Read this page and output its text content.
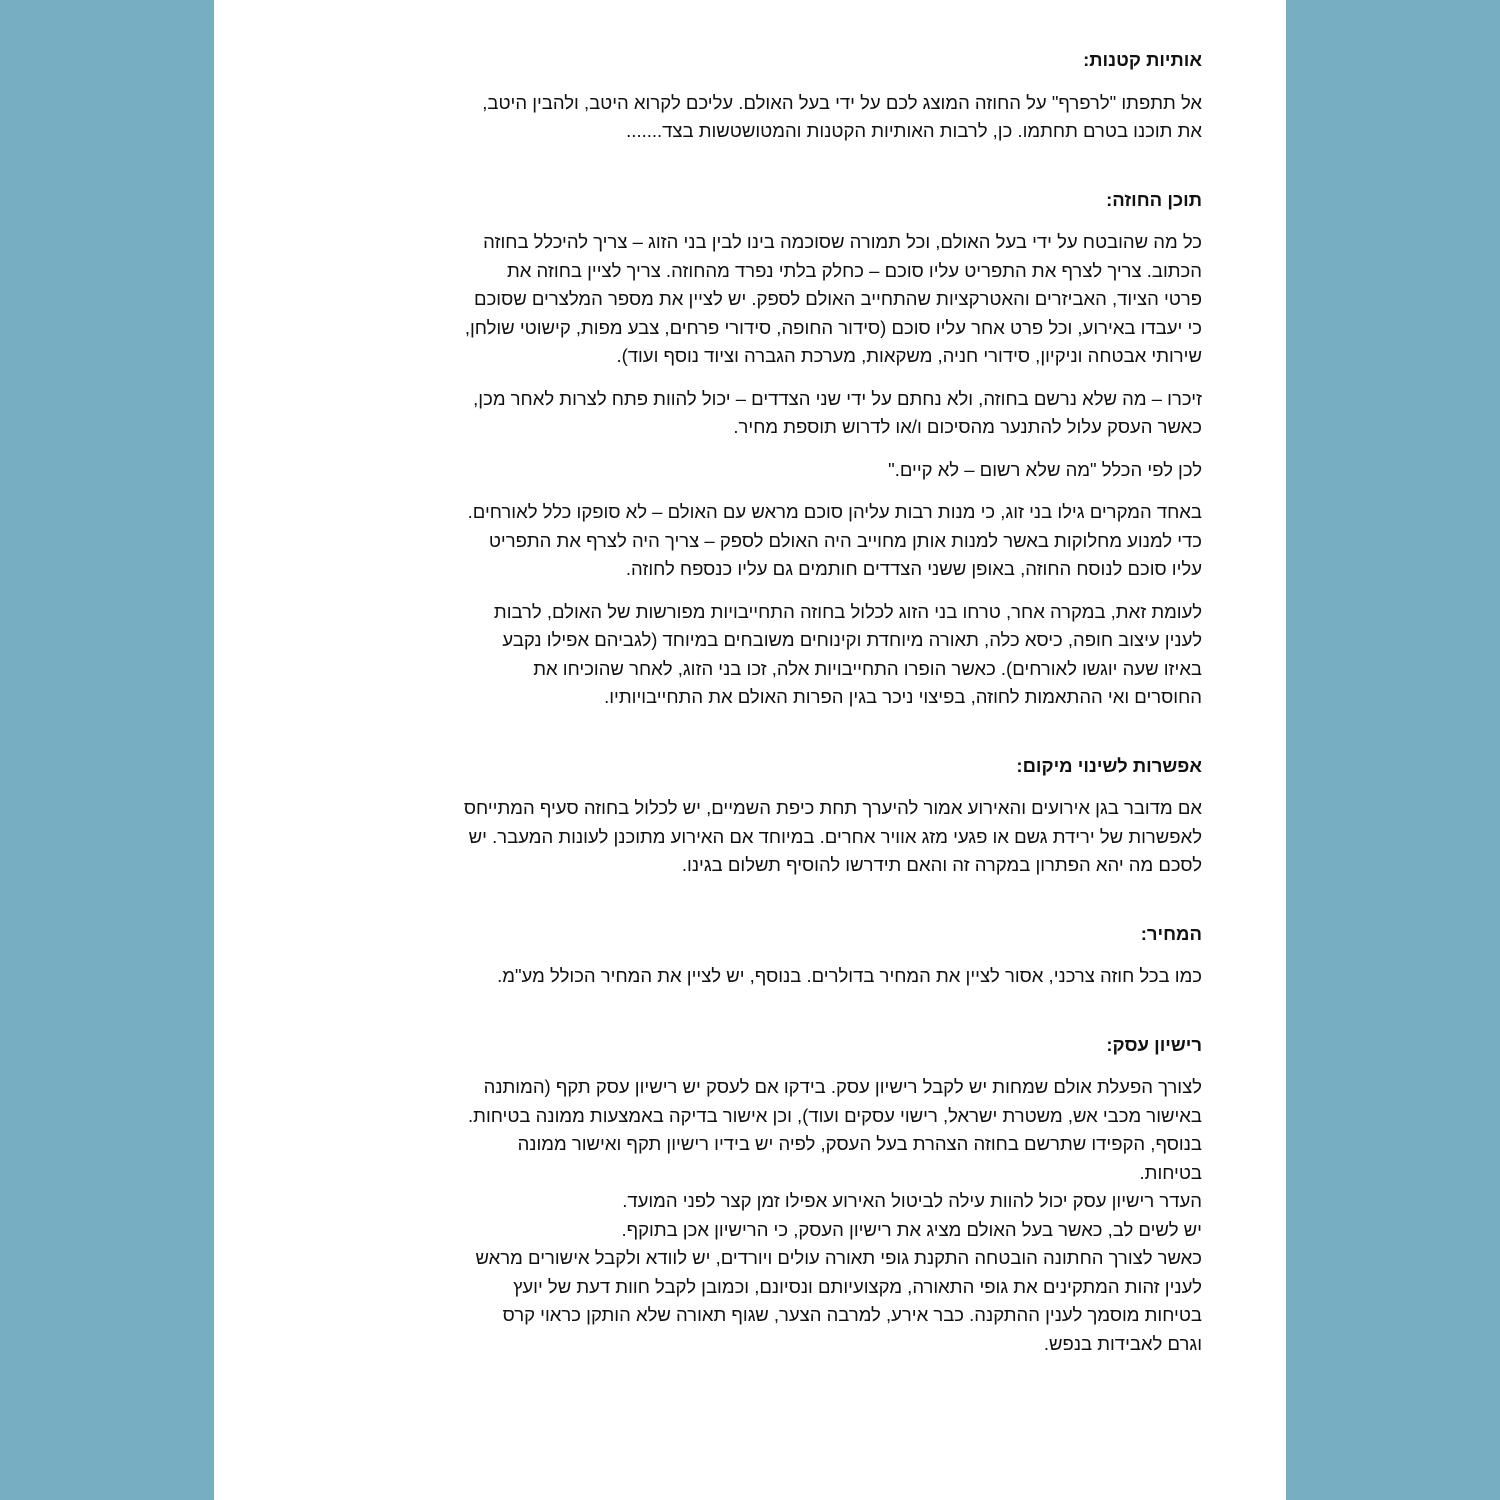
אותיות קטנות:
אל תתפתו "לרפרף" על החוזה המוצג לכם על ידי בעל האולם. עליכם לקרוא היטב, ולהבין היטב,
את תוכנו בטרם תחתמו. כן, לרבות האותיות הקטנות והמטושטשות בצד.......
תוכן החוזה:
כל מה שהובטח על ידי בעל האולם, וכל תמורה שסוכמה בינו לבין בני הזוג – צריך להיכלל בחוזה
הכתוב. צריך לצרף את התפריט עליו סוכם – כחלק בלתי נפרד מהחוזה. צריך לציין בחוזה את
פרטי הציוד, האביזרים והאטרקציות שהתחייב האולם לספק. יש לציין את מספר המלצרים שסוכם
כי יעבדו באירוע, וכל פרט אחר עליו סוכם (סידור החופה, סידורי פרחים, צבע מפות, קישוטי שולחן,
שירותי אבטחה וניקיון, סידורי חניה, משקאות, מערכת הגברה וציוד נוסף ועוד).
זיכרו – מה שלא נרשם בחוזה, ולא נחתם על ידי שני הצדדים – יכול להוות פתח לצרות לאחר מכן,
כאשר העסק עלול להתנער מהסיכום ו/או לדרוש תוספת מחיר.
לכן לפי הכלל "מה שלא רשום – לא קיים."
באחד המקרים גילו בני זוג, כי מנות רבות עליהן סוכם מראש עם האולם – לא סופקו כלל לאורחים.
כדי למנוע מחלוקות באשר למנות אותן מחוייב היה האולם לספק – צריך היה לצרף את התפריט
עליו סוכם לנוסח החוזה, באופן ששני הצדדים חותמים גם עליו כנספח לחוזה.
לעומת זאת, במקרה אחר, טרחו בני הזוג לכלול בחוזה התחייבויות מפורשות של האולם, לרבות
לענין עיצוב חופה, כיסא כלה, תאורה מיוחדת וקינוחים משובחים במיוחד (לגביהם אפילו נקבע
באיזו שעה יוגשו לאורחים). כאשר הופרו התחייבויות אלה, זכו בני הזוג, לאחר שהוכיחו את
החוסרים ואי ההתאמות לחוזה, בפיצוי ניכר בגין הפרות האולם את התחייבויותיו.
אפשרות לשינוי מיקום:
אם מדובר בגן אירועים והאירוע אמור להיערך תחת כיפת השמיים, יש לכלול בחוזה סעיף המתייחס
לאפשרות של ירידת גשם או פגעי מזג אוויר אחרים. במיוחד אם האירוע מתוכנן לעונות המעבר. יש
לסכם מה יהא הפתרון במקרה זה והאם תידרשו להוסיף תשלום בגינו.
המחיר:
כמו בכל חוזה צרכני, אסור לציין את המחיר בדולרים. בנוסף, יש לציין את המחיר הכולל מע"מ.
רישיון עסק:
לצורך הפעלת אולם שמחות יש לקבל רישיון עסק. בידקו אם לעסק יש רישיון עסק תקף (המותנה
באישור מכבי אש, משטרת ישראל, רישוי עסקים ועוד), וכן אישור בדיקה באמצעות ממונה בטיחות.
בנוסף, הקפידו שתרשם בחוזה הצהרת בעל העסק, לפיה יש בידיו רישיון תקף ואישור ממונה
בטיחות.
העדר רישיון עסק יכול להוות עילה לביטול האירוע אפילו זמן קצר לפני המועד.
יש לשים לב, כאשר בעל האולם מציג את רישיון העסק, כי הרישיון אכן בתוקף.
כאשר לצורך החתונה הובטחה התקנת גופי תאורה עולים ויורדים, יש לוודא ולקבל אישורים מראש
לענין זהות המתקינים את גופי התאורה, מקצועיותם ונסיונם, וכמובן לקבל חוות דעת של יועץ
בטיחות מוסמך לענין ההתקנה. כבר אירע, למרבה הצער, שגוף תאורה שלא הותקן כראוי קרס
וגרם לאבידות בנפש.
